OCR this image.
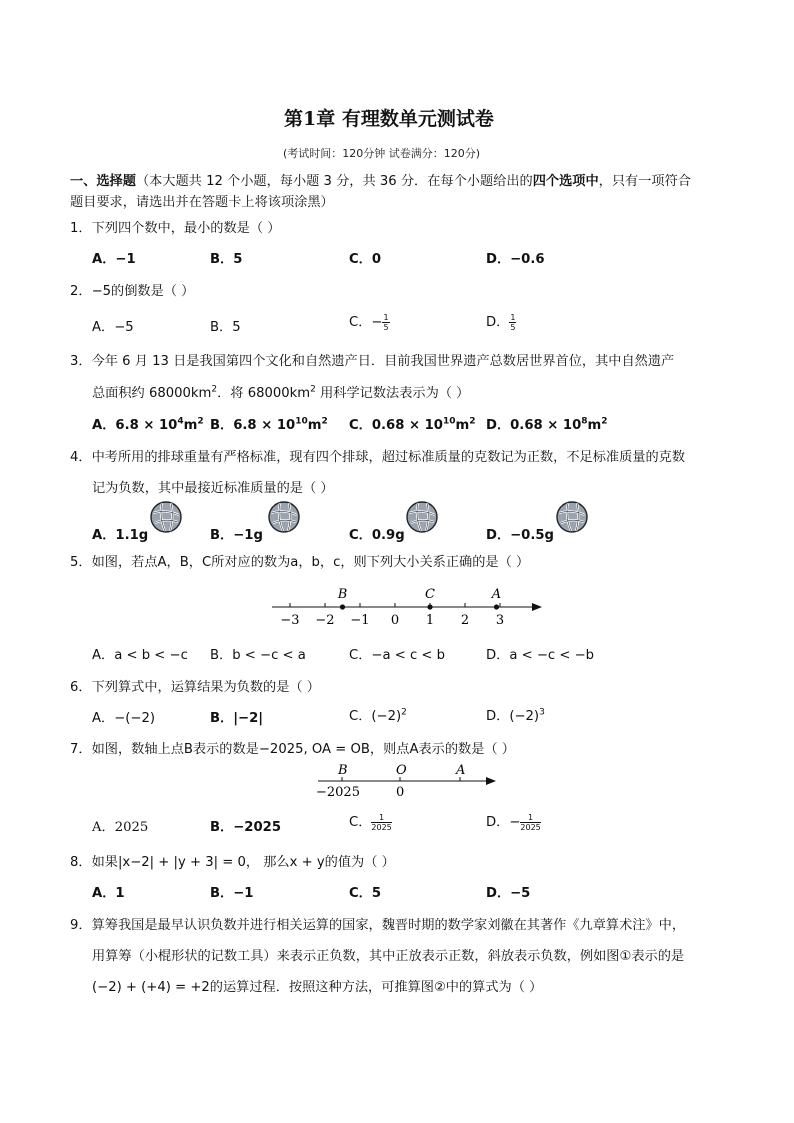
第1章 有理数单元测试卷
(考试时间：120分钟 试卷满分：120分)
一、选择题（本大题共 12 个小题，每小题 3 分，共 36 分．在每个小题给出的四个选项中，只有一项符合
题目要求，请选出并在答题卡上将该项涂黑）
1．下列四个数中，最小的数是（ ）
A．−1	B．5	C．0	D．−0.6
2．−5的倒数是（ ）
A．−5	B．5	C．− $\frac{1}{5}$	D． $\frac{1}{5}$
3．今年 6 月 13 日是我国第四个文化和自然遗产日．目前我国世界遗产总数居世界首位，其中自然遗产
总面积约 $68000km^2$．将 $68000km^2$ 用科学记数法表示为（ ）
A．$6.8 \times 10^4m^2$ B．$6.8 \times 10^{10}m^2$ C．$0.68 \times 10^{10}m^2$ D．$0.68 \times 10^8m^2$
4．中考所用的排球重量有严格标准，现有四个排球，超过标准质量的克数记为正数，不足标准质量的克数
记为负数，其中最接近标准质量的是（ ）
A．1.1g	B．−1g	C．0.9g	D．−0.5g
5．如图，若点A，B，C所对应的数为a，b，c，则下列大小关系正确的是（ ）
−3 −2 −1 0 1 2 3
B	C	A
A．a < b < −c B．b < −c < a	C．−a < c < b	D．a < −c < −b
6．下列算式中，运算结果为负数的是（ ）
A．−(−2)	B．|−2|	C．$(-2)^2$	D．$(-2)^3$
7．如图，数轴上点B表示的数是−2025, OA = OB，则点A表示的数是（ ）
B	O	A
−2025	0
A．2025	B．−2025	C． $\frac{1}{2025}$	D．− $\frac{1}{2025}$
8．如果|x−2| + |y + 3| = 0， 那么x + y的值为（ ）
A．1	B．−1	C．5	D．−5
9．算筹我国是最早认识负数并进行相关运算的国家，魏晋时期的数学家刘徽在其著作《九章算术注》中，
用算筹（小棍形状的记数工具）来表示正负数，其中正放表示正数，斜放表示负数，例如图①表示的是
(−2) + (+4) = +2的运算过程．按照这种方法，可推算图②中的算式为（ ）
